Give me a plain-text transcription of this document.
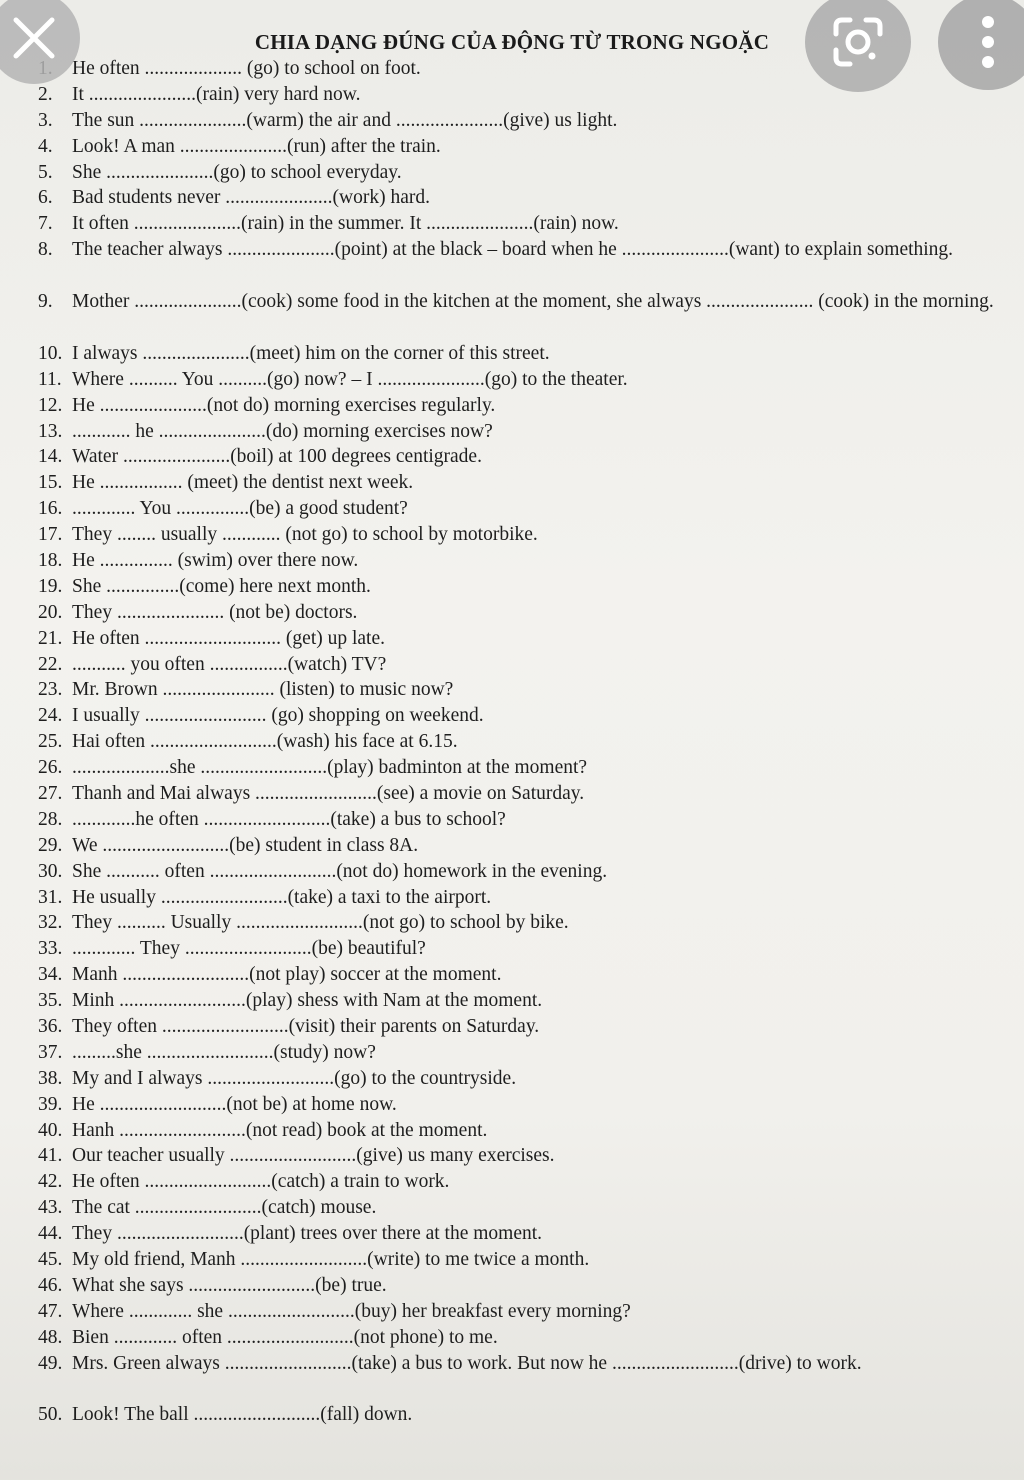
CHIA DẠNG ĐÚNG CỦA ĐỘNG TỪ TRONG NGOẶC
He often .................... (go) to school on foot.
2. It ......................(rain) very hard now.
3. The sun ......................(warm) the air and ......................(give) us light.
4. Look! A man ......................(run) after the train.
5. She ......................(go) to school everyday.
6. Bad students never ......................(work) hard.
7. It often ......................(rain) in the summer. It ......................(rain) now.
8. The teacher always ......................(point) at the black – board when he ......................(want) to explain something.
9. Mother ......................(cook) some food in the kitchen at the moment, she always ...................... (cook) in the morning.
10. I always ......................(meet) him on the corner of this street.
11. Where .......... You ..........(go) now? – I ......................(go) to the theater.
12. He ......................(not do) morning exercises regularly.
13. ............ he ......................(do) morning exercises now?
14. Water ......................(boil) at 100 degrees centigrade.
15. He ................. (meet) the dentist next week.
16. ............. You ...............(be) a good student?
17. They ........ usually ............ (not go) to school by motorbike.
18. He ............... (swim) over there now.
19. She ...............(come) here next month.
20. They ...................... (not be) doctors.
21. He often ............................ (get) up late.
22. ........... you often ................(watch) TV?
23. Mr. Brown ....................... (listen) to music now?
24. I usually ......................... (go) shopping on weekend.
25. Hai often ..........................(wash) his face at 6.15.
26. ....................she ..........................(play) badminton at the moment?
27. Thanh and Mai always .........................(see) a movie on Saturday.
28. .............he often ..........................(take) a bus to school?
29. We ..........................(be) student in class 8A.
30. She ........... often ..........................(not do) homework in the evening.
31. He usually ..........................(take) a taxi to the airport.
32. They .......... Usually ..........................(not go) to school by bike.
33. ............. They ..........................(be) beautiful?
34. Manh ..........................(not play) soccer at the moment.
35. Minh ..........................(play) shess with Nam at the moment.
36. They often ..........................(visit) their parents on Saturday.
37. .........she ..........................(study) now?
38. My and I always ..........................(go) to the countryside.
39. He ..........................(not be) at home now.
40. Hanh ..........................(not read) book at the moment.
41. Our teacher usually ..........................(give) us many exercises.
42. He often ..........................(catch) a train to work.
43. The cat ..........................(catch) mouse.
44. They ..........................(plant) trees over there at the moment.
45. My old friend, Manh ..........................(write) to me twice a month.
46. What she says ..........................(be) true.
47. Where ............. she ..........................(buy) her breakfast every morning?
48. Bien ............. often ..........................(not phone) to me.
49. Mrs. Green always ..........................(take) a bus to work. But now he ..........................(drive) to work.
50. Look! The ball ..........................(fall) down.
